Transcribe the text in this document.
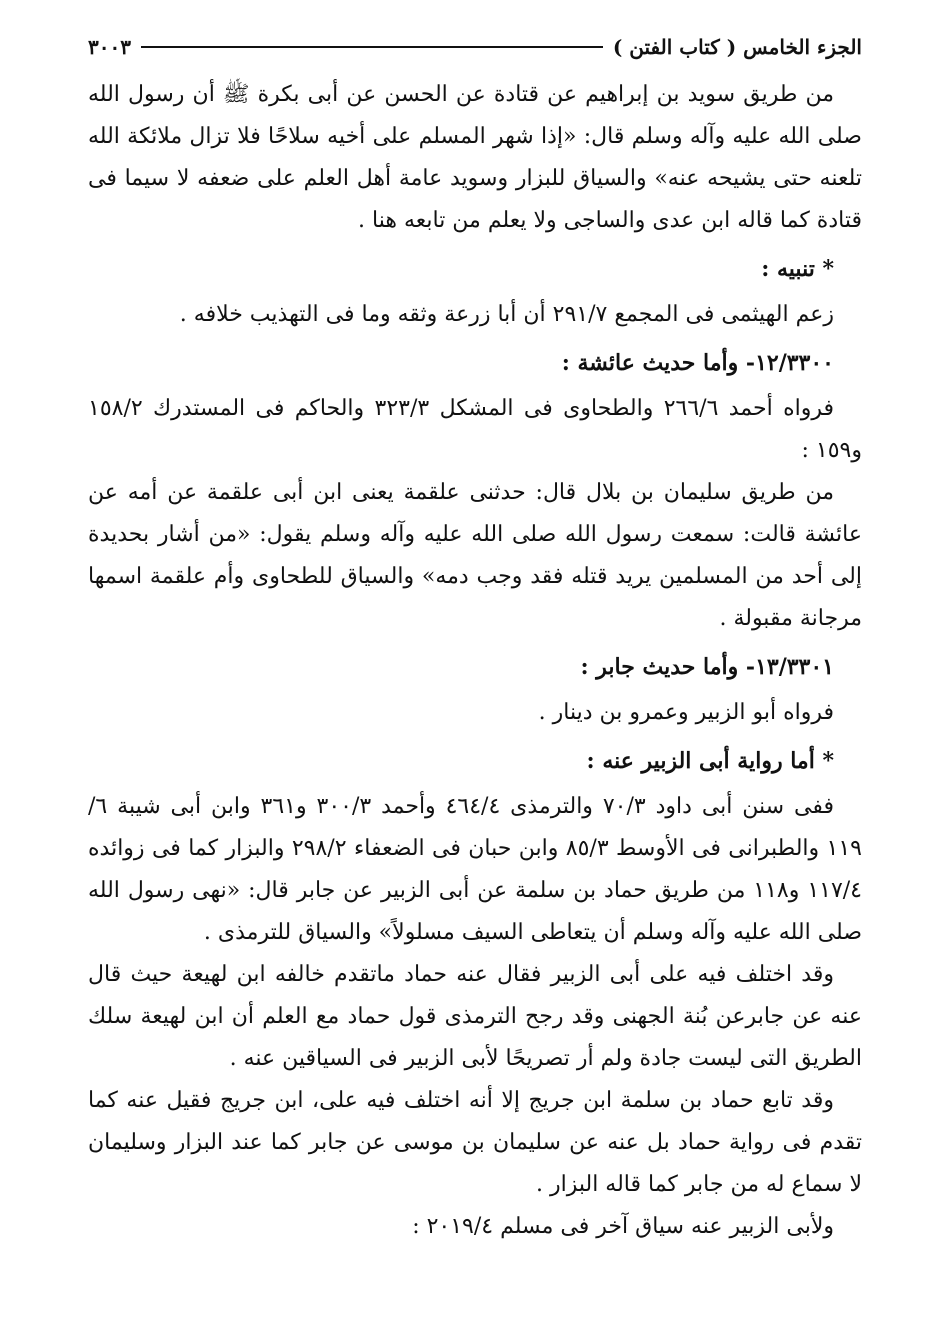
الجزء الخامس ( كتاب الفتن )
٣٠٠٣

من طريق سويد بن إبراهيم عن قتادة عن الحسن عن أبى بكرة ﷺ أن رسول الله صلى الله عليه وآله وسلم قال: «إذا شهر المسلم على أخيه سلاحًا فلا تزال ملائكة الله تلعنه حتى يشيحه عنه» والسياق للبزار وسويد عامة أهل العلم على ضعفه لا سيما فى قتادة كما قاله ابن عدى والساجى ولا يعلم من تابعه هنا .

* تنبيه :

زعم الهيثمى فى المجمع ٢٩١/٧ أن أبا زرعة وثقه وما فى التهذيب خلافه .

١٢/٣٣٠٠- وأما حديث عائشة :

فرواه أحمد ٢٦٦/٦ والطحاوى فى المشكل ٣٢٣/٣ والحاكم فى المستدرك ١٥٨/٢ و١٥٩ :

من طريق سليمان بن بلال قال: حدثنى علقمة يعنى ابن أبى علقمة عن أمه عن عائشة قالت: سمعت رسول الله صلى الله عليه وآله وسلم يقول: «من أشار بحديدة إلى أحد من المسلمين يريد قتله فقد وجب دمه» والسياق للطحاوى وأم علقمة اسمها مرجانة مقبولة .

١٣/٣٣٠١- وأما حديث جابر :

فرواه أبو الزبير وعمرو بن دينار .

* أما رواية أبى الزبير عنه :

ففى سنن أبى داود ٧٠/٣ والترمذى ٤٦٤/٤ وأحمد ٣٠٠/٣ و٣٦١ وابن أبى شيبة ٦/ ١١٩ والطبرانى فى الأوسط ٨٥/٣ وابن حبان فى الضعفاء ٢٩٨/٢ والبزار كما فى زوائده ١١٧/٤ و١١٨ من طريق حماد بن سلمة عن أبى الزبير عن جابر قال: «نهى رسول الله صلى الله عليه وآله وسلم أن يتعاطى السيف مسلولاً» والسياق للترمذى .

وقد اختلف فيه على أبى الزبير فقال عنه حماد ماتقدم خالفه ابن لهيعة حيث قال عنه عن جابرعن بُنة الجهنى وقد رجح الترمذى قول حماد مع العلم أن ابن لهيعة سلك الطريق التى ليست جادة ولم أر تصريحًا لأبى الزبير فى السياقين عنه .

وقد تابع حماد بن سلمة ابن جريج إلا أنه اختلف فيه على، ابن جريج فقيل عنه كما تقدم فى رواية حماد بل عنه عن سليمان بن موسى عن جابر كما عند البزار وسليمان لا سماع له من جابر كما قاله البزار .

ولأبى الزبير عنه سياق آخر فى مسلم ٢٠١٩/٤ :
